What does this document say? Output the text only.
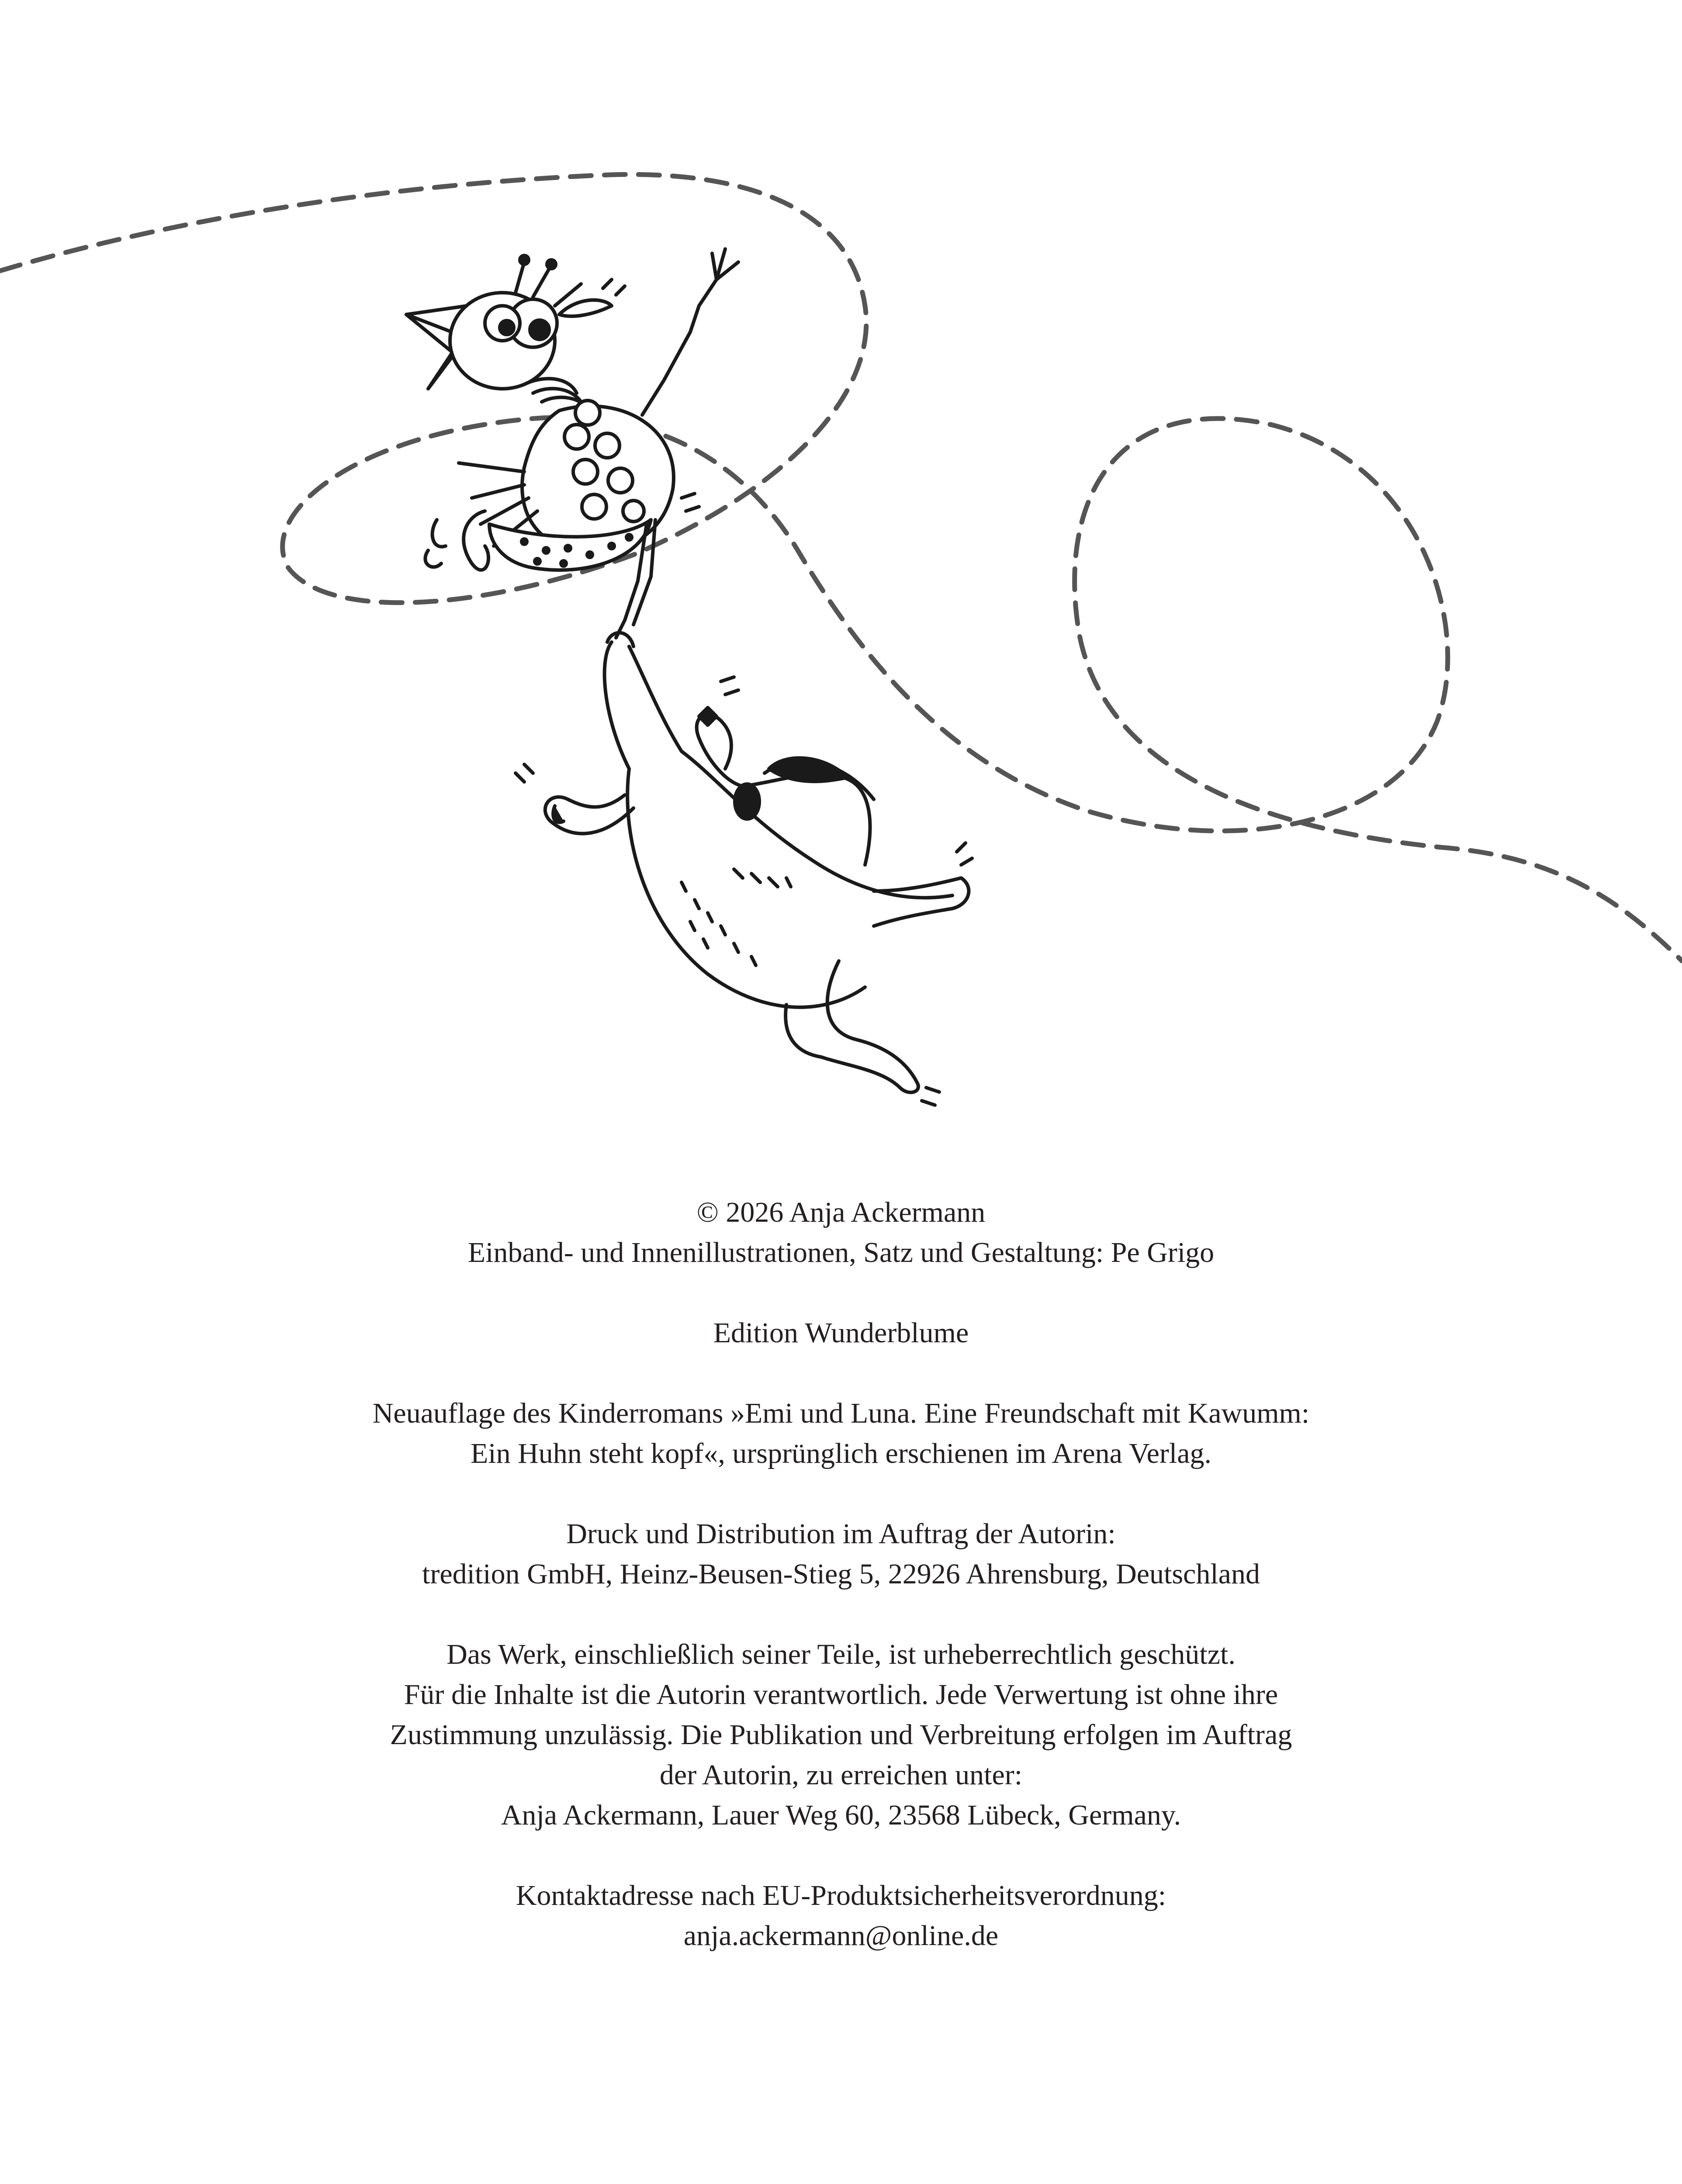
© 2026 Anja Ackermann
Einband- und Innenillustrationen, Satz und Gestaltung: Pe Grigo
Edition Wunderblume
Neuauflage des Kinderromans »Emi und Luna. Eine Freundschaft mit Kawumm:
Ein Huhn steht kopf«, ursprünglich erschienen im Arena Verlag.
Druck und Distribution im Auftrag der Autorin:
tredition GmbH, Heinz-Beusen-Stieg 5, 22926 Ahrensburg, Deutschland
Das Werk, einschließlich seiner Teile, ist urheberrechtlich geschützt.
Für die Inhalte ist die Autorin verantwortlich. Jede Verwertung ist ohne ihre
Zustimmung unzulässig. Die Publikation und Verbreitung erfolgen im Auftrag
der Autorin, zu erreichen unter:
Anja Ackermann, Lauer Weg 60, 23568 Lübeck, Germany.
Kontaktadresse nach EU-Produktsicherheitsverordnung:
anja.ackermann@online.de
